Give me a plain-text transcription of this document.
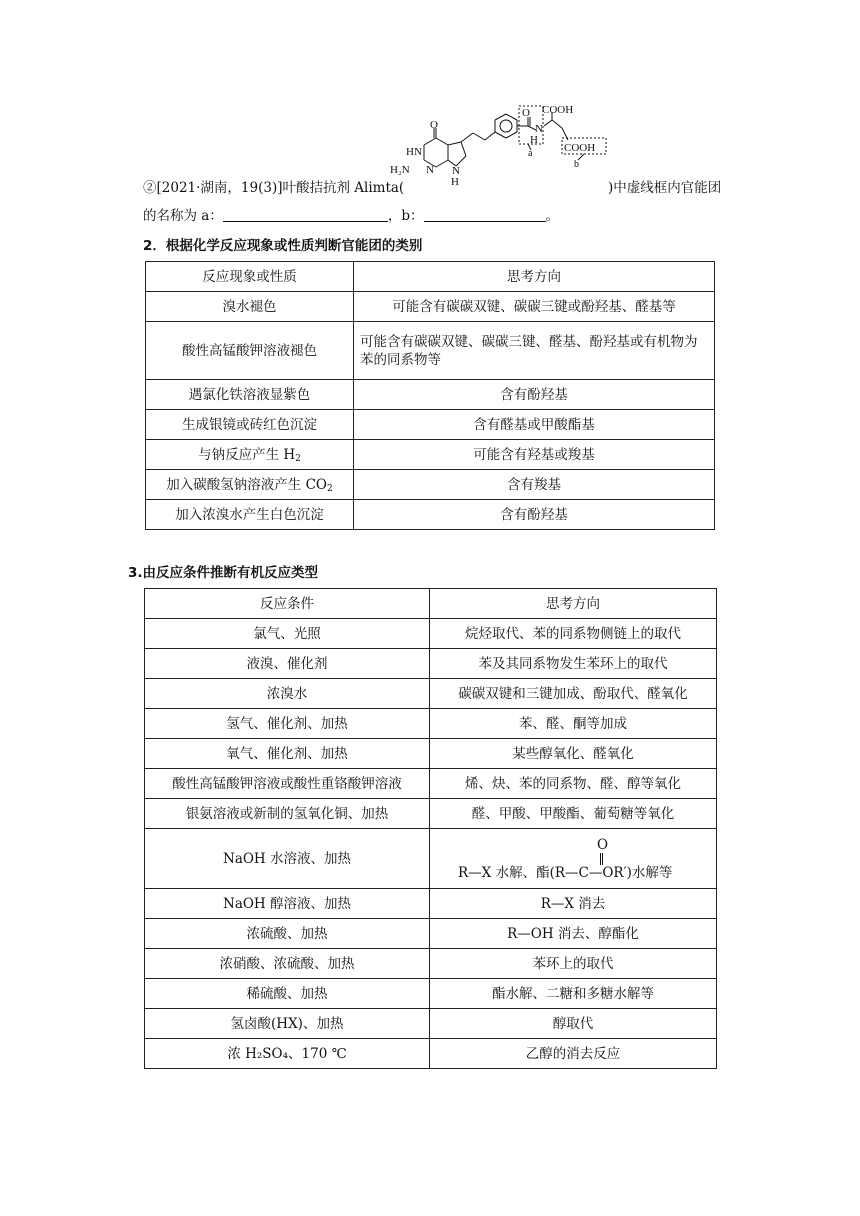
②[2021·湖南，19(3)]叶酸拮抗剂 Alimta(	)中虚线框内官能团
O
HN
H₂N N N
H
O
N
H
COOH
COOH
a
b
的名称为 a：	，b：	。
2．根据化学反应现象或性质判断官能团的类别
反应现象或性质	思考方向
溴水褪色	可能含有碳碳双键、碳碳三键或酚羟基、醛基等
酸性高锰酸钾溶液褪色	可能含有碳碳双键、碳碳三键、醛基、酚羟基或有机物为苯的同系物等
遇氯化铁溶液显紫色	含有酚羟基
生成银镜或砖红色沉淀	含有醛基或甲酸酯基
与钠反应产生 $H_2$	可能含有羟基或羧基
加入碳酸氢钠溶液产生 $CO_2$	含有羧基
加入浓溴水产生白色沉淀	含有酚羟基
3.由反应条件推断有机反应类型
反应条件	思考方向
氯气、光照	烷烃取代、苯的同系物侧链上的取代
液溴、催化剂	苯及其同系物发生苯环上的取代
浓溴水	碳碳双键和三键加成、酚取代、醛氧化
氢气、催化剂、加热	苯、醛、酮等加成
氧气、催化剂、加热	某些醇氧化、醛氧化
酸性高锰酸钾溶液或酸性重铬酸钾溶液	烯、炔、苯的同系物、醛、醇等氧化
银氨溶液或新制的氢氧化铜、加热	醛、甲酸、甲酸酯、葡萄糖等氧化
NaOH 水溶液、加热	O
R—X 水解、酯(R—C—OR′)水解等

NaOH 醇溶液、加热	R—X 消去
浓硫酸、加热	R—OH 消去、醇酯化
浓硝酸、浓硫酸、加热	苯环上的取代
稀硫酸、加热	酯水解、二糖和多糖水解等
氢卤酸(HX)、加热	醇取代
浓 H₂SO₄、170 ℃	乙醇的消去反应
